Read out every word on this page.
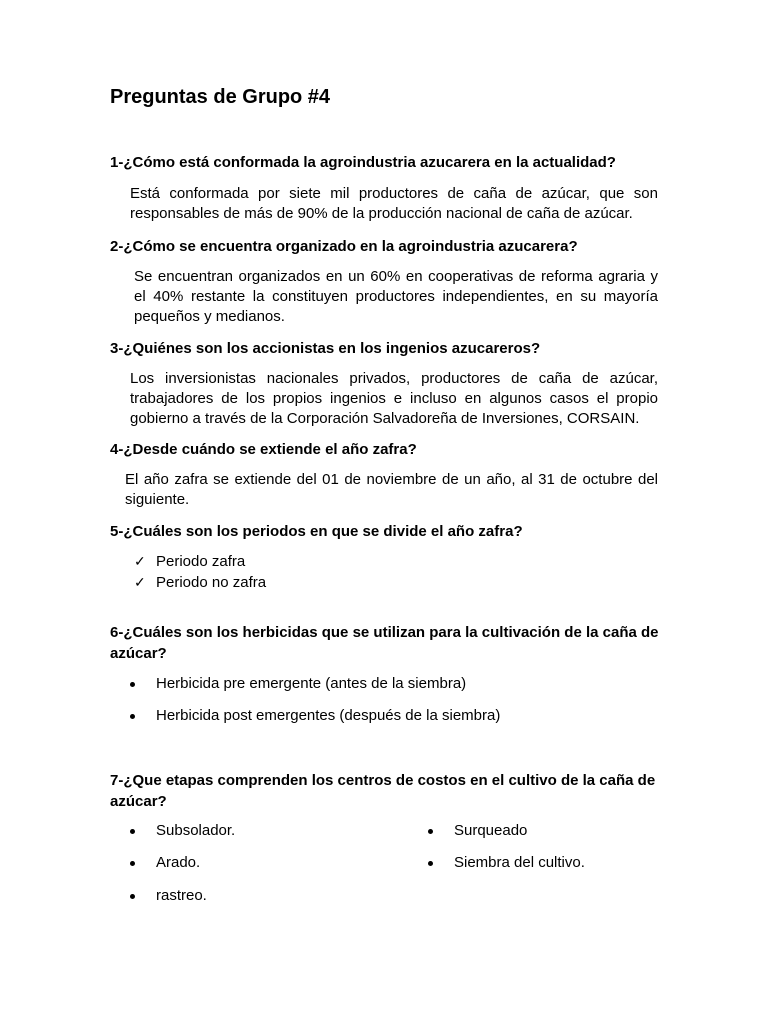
Preguntas de Grupo #4

1-¿Cómo está conformada la agroindustria azucarera en la actualidad?

Está conformada por siete mil productores de caña de azúcar, que son responsables de más de 90% de la producción nacional de caña de azúcar.

2-¿Cómo se encuentra organizado en la agroindustria azucarera?

Se encuentran organizados en un 60% en cooperativas de reforma agraria y el 40% restante la constituyen productores independientes, en su mayoría pequeños y medianos.

3-¿Quiénes son los accionistas en los ingenios azucareros?

Los inversionistas nacionales privados, productores de caña de azúcar, trabajadores de los propios ingenios e incluso en algunos casos el propio gobierno a través de la Corporación Salvadoreña de Inversiones, CORSAIN.

4-¿Desde cuándo se extiende el año zafra?

El año zafra se extiende del 01 de noviembre de un año, al 31 de octubre del siguiente.

5-¿Cuáles son los periodos en que se divide el año zafra?

✓ Periodo zafra
✓ Periodo no zafra

6-¿Cuáles son los herbicidas que se utilizan para la cultivación de la caña de azúcar?

Herbicida pre emergente (antes de la siembra)
Herbicida post emergentes (después de la siembra)

7-¿Que etapas comprenden los centros de costos en el cultivo de la caña de azúcar?

Subsolador.
Arado.
rastreo.
Surqueado
Siembra del cultivo.
